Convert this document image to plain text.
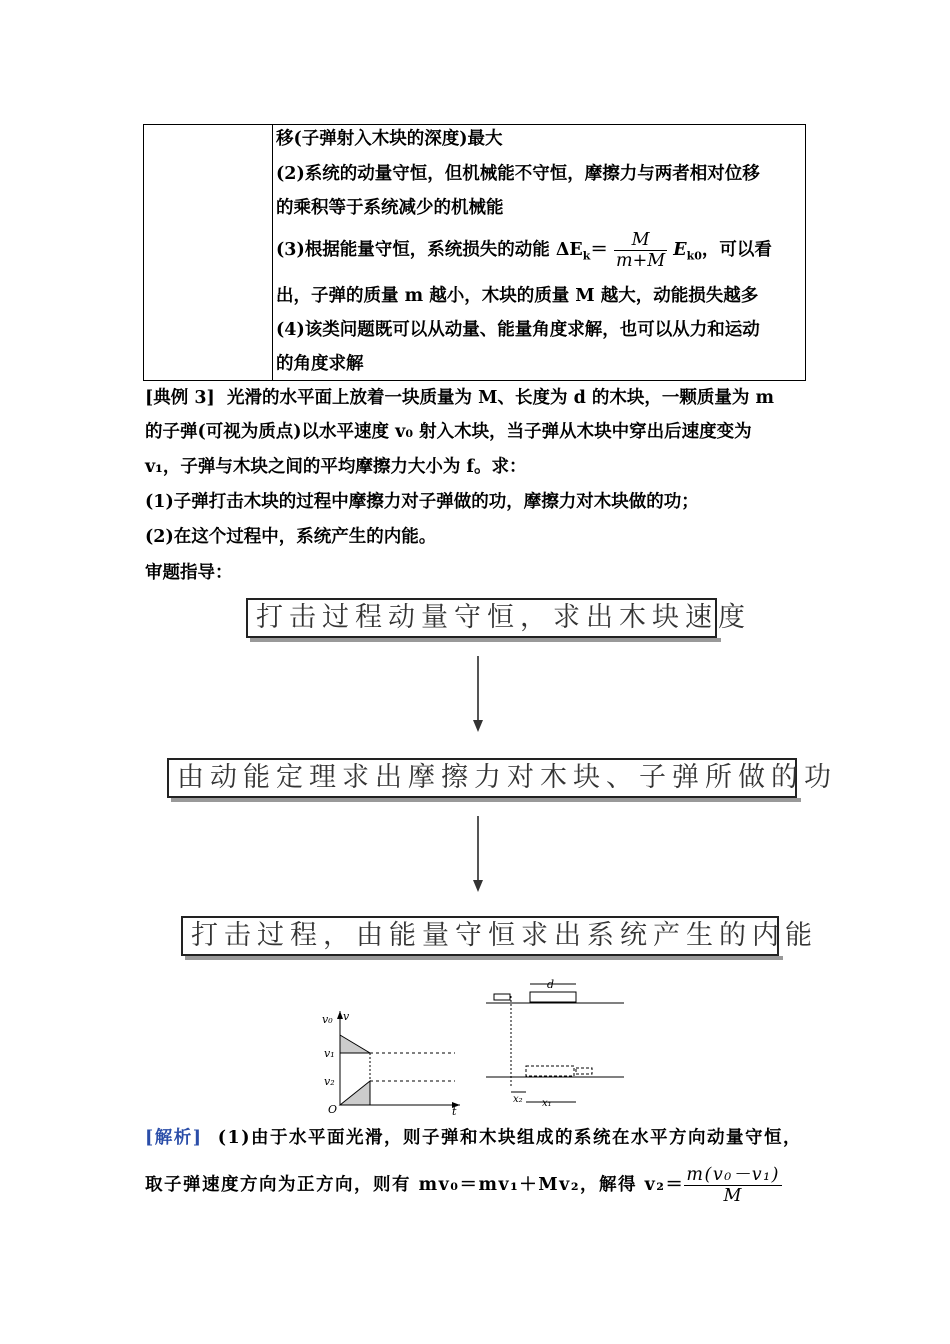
移(子弹射入木块的深度)最大
(2)系统的动量守恒，但机械能不守恒，摩擦力与两者相对位移
的乘积等于系统减少的机械能
(3)根据能量守恒，系统损失的动能 $\Delta E_k= \frac{M}{m+M} E_{k0}$，可以看
出，子弹的质量 m 越小，木块的质量 M 越大，动能损失越多
(4)该类问题既可以从动量、能量角度求解，也可以从力和运动
的角度求解
[典例 3] 光滑的水平面上放着一块质量为 M、长度为 d 的木块，一颗质量为 m
的子弹(可视为质点)以水平速度 v₀ 射入木块，当子弹从木块中穿出后速度变为
v₁，子弹与木块之间的平均摩擦力大小为 f。求：
(1)子弹打击木块的过程中摩擦力对子弹做的功，摩擦力对木块做的功；
(2)在这个过程中，系统产生的内能。
审题指导：
打击过程动量守恒，求出木块速度
由动能定理求出摩擦力对木块、子弹所做的功
打击过程，由能量守恒求出系统产生的内能
v₀ v
v₁
v₂
O	t
d
x₂ x₁
[解析] (1)由于水平面光滑，则子弹和木块组成的系统在水平方向动量守恒，
取子弹速度方向为正方向，则有 mv₀＝mv₁＋Mv₂，解得 $v_2= \frac{\text{m(v₀－v₁)}}{M}$
